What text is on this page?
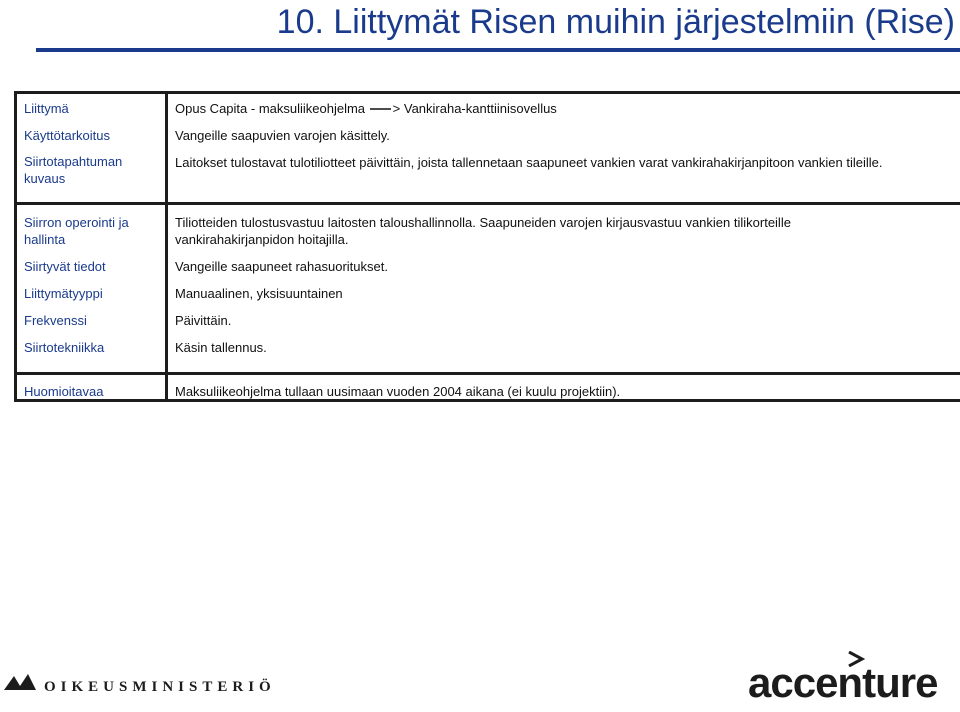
10. Liittymät Risen muihin järjestelmiin (Rise)
Liittymä
Käyttötarkoitus
Siirtotapahtuman kuvaus
Siirron operointi ja hallinta
Siirtyvät tiedot
Liittymätyyppi
Frekvenssi
Siirtotekniikka
Huomioitavaa
Opus Capita - maksuliikeohjelma > Vankiraha-kanttiinisovellus
Vangeille saapuvien varojen käsittely.
Laitokset tulostavat tulotiliotteet päivittäin, joista tallennetaan saapuneet vankien varat vankirahakirjanpitoon vankien tileille.
Tiliotteiden tulostusvastuu laitosten taloushallinnolla. Saapuneiden varojen kirjausvastuu vankien tilikorteille vankirahakirjanpidon hoitajilla.
Vangeille saapuneet rahasuoritukset.
Manuaalinen, yksisuuntainen
Päivittäin.
Käsin tallennus.
Maksuliikeohjelma tullaan uusimaan vuoden 2004 aikana (ei kuulu projektiin).
OIKEUSMINISTERIÖ	accenture
